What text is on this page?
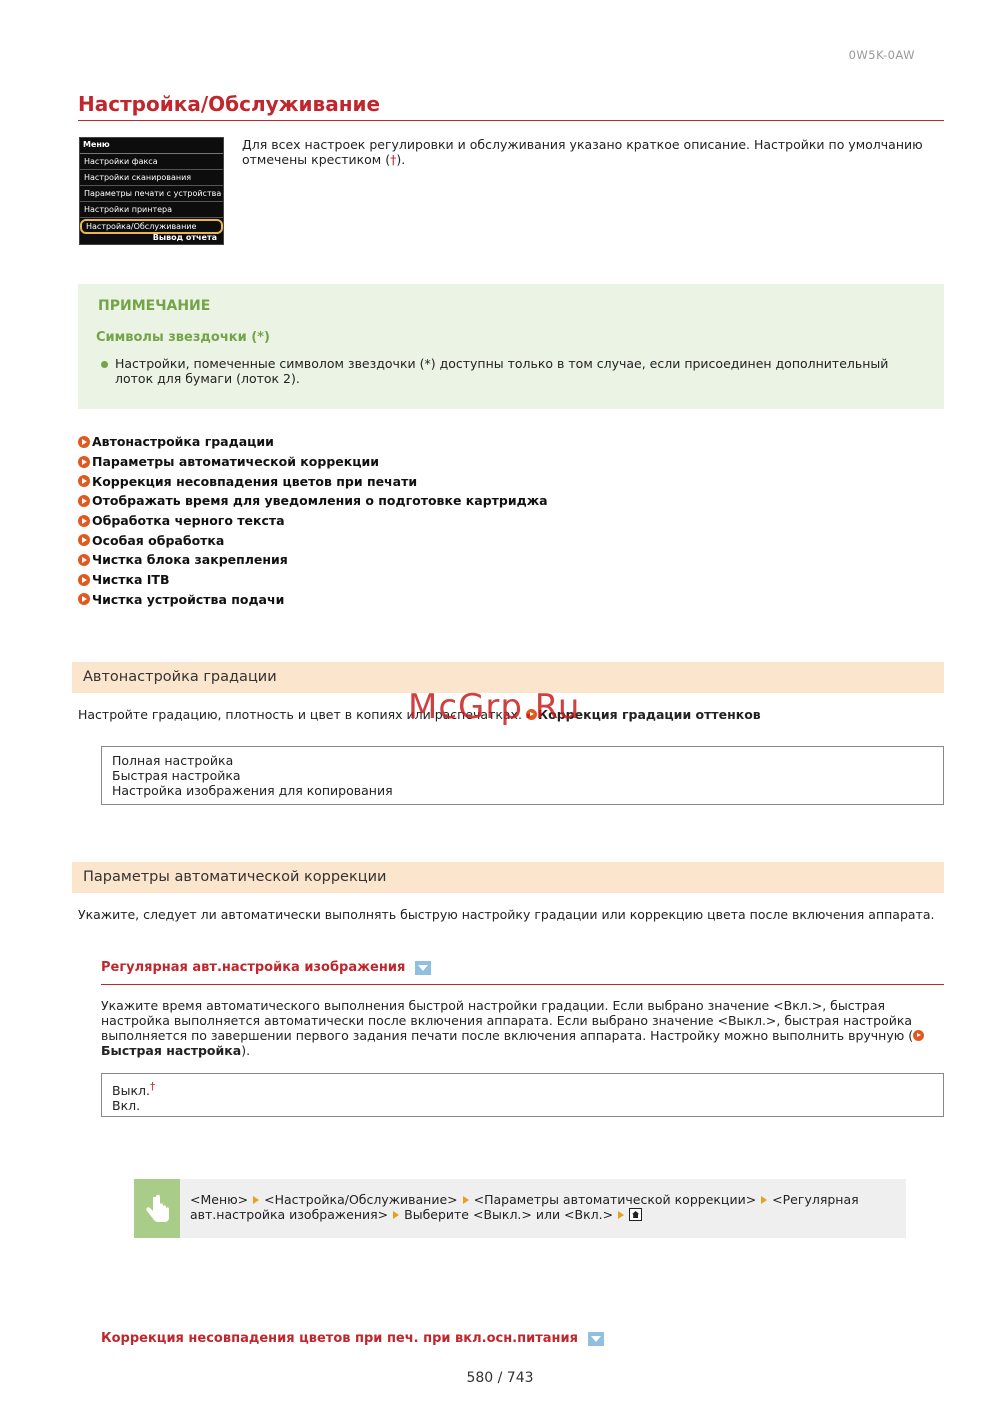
0W5K-0AW
Настройка/Обслуживание
Меню
Настройки факса
Настройки сканирования
Параметры печати с устройства
Настройки принтера
Настройка/Обслуживание
Вывод отчета
Для всех настроек регулировки и обслуживания указано краткое описание. Настройки по умолчанию отмечены крестиком (†).
ПРИМЕЧАНИЕ
Символы звездочки (*)
Настройки, помеченные символом звездочки (*) доступны только в том случае, если присоединен дополнительный лоток для бумаги (лоток 2).
Автонастройка градации
Параметры автоматической коррекции
Коррекция несовпадения цветов при печати
Отображать время для уведомления о подготовке картриджа
Обработка черного текста
Особая обработка
Чистка блока закрепления
Чистка ITB
Чистка устройства подачи
Автонастройка градации
Настройте градацию, плотность и цвет в копиях или распечатках. Коррекция градации оттенков
Полная настройка
Быстрая настройка
Настройка изображения для копирования
Параметры автоматической коррекции
Укажите, следует ли автоматически выполнять быструю настройку градации или коррекцию цвета после включения аппарата.
Регулярная авт.настройка изображения
Укажите время автоматического выполнения быстрой настройки градации. Если выбрано значение <Вкл.>, быстрая настройка выполняется автоматически после включения аппарата. Если выбрано значение <Выкл.>, быстрая настройка выполняется по завершении первого задания печати после включения аппарата. Настройку можно выполнить вручную (Быстрая настройка).
Выкл.†
Вкл.
<Меню> <Настройка/Обслуживание> <Параметры автоматической коррекции> <Регулярная авт.настройка изображения> Выберите <Выкл.> или <Вкл.>
Коррекция несовпадения цветов при печ. при вкл.осн.питания
580 / 743
McGrp.Ru
